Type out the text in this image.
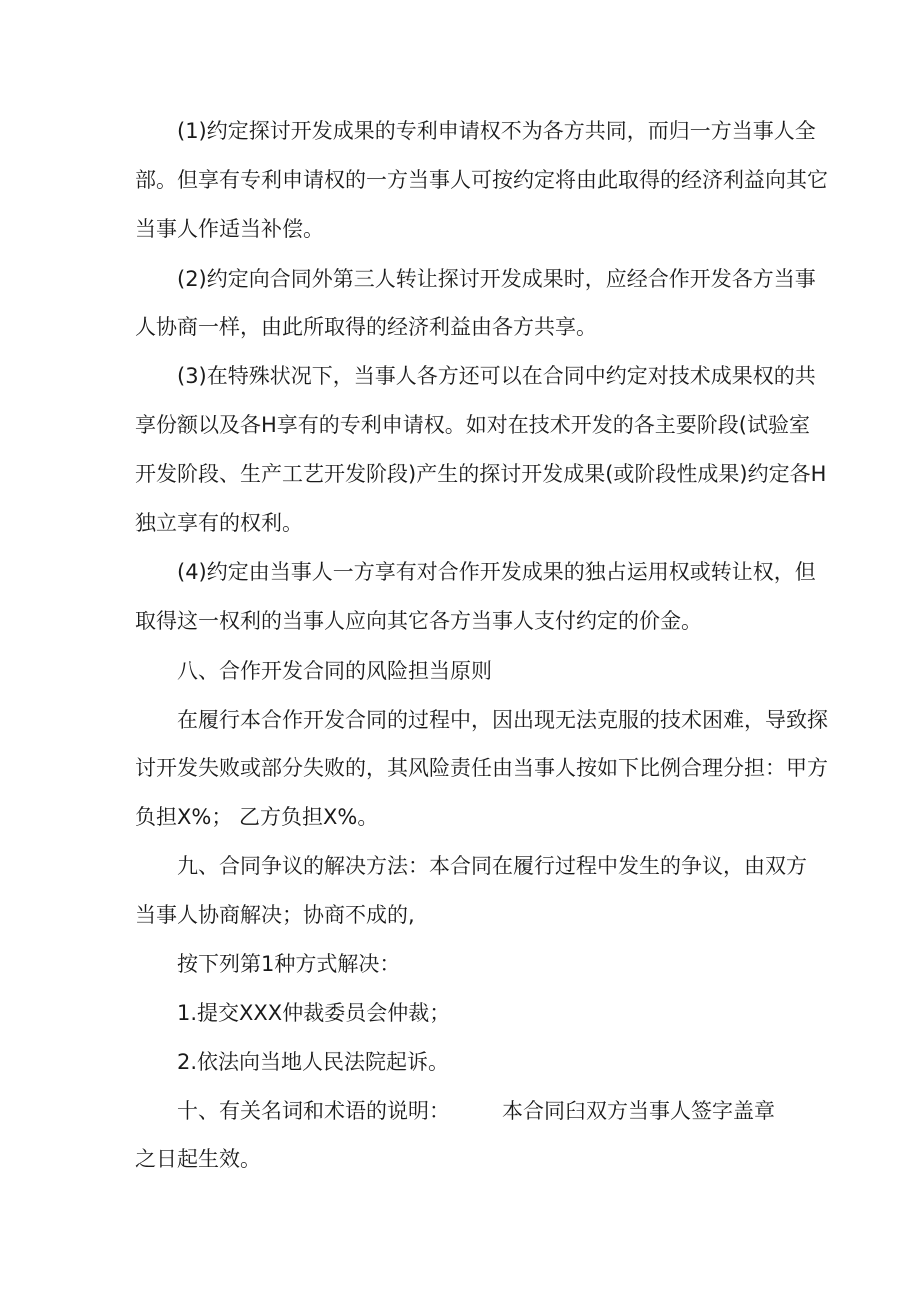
(1)约定探讨开发成果的专利申请权不为各方共同，而归一方当事人全
部。但享有专利申请权的一方当事人可按约定将由此取得的经济利益向其它
当事人作适当补偿。
(2)约定向合同外第三人转让探讨开发成果时，应经合作开发各方当事
人协商一样，由此所取得的经济利益由各方共享。
(3)在特殊状况下，当事人各方还可以在合同中约定对技术成果权的共
享份额以及各H享有的专利申请权。如对在技术开发的各主要阶段(试验室
开发阶段、生产工艺开发阶段)产生的探讨开发成果(或阶段性成果)约定各H
独立享有的权利。
(4)约定由当事人一方享有对合作开发成果的独占运用权或转让权，但
取得这一权利的当事人应向其它各方当事人支付约定的价金。
八、合作开发合同的风险担当原则
在履行本合作开发合同的过程中，因出现无法克服的技术困难，导致探
讨开发失败或部分失败的，其风险责任由当事人按如下比例合理分担：甲方
负担X%； 乙方负担X%。
九、合同争议的解决方法：本合同在履行过程中发生的争议，由双方
当事人协商解决；协商不成的,
按下列第1种方式解决：
1.提交XXX仲裁委员会仲裁；
2.依法向当地人民法院起诉。
十、有关名词和术语的说明： 本合同臼双方当事人签字盖章
之日起生效。
